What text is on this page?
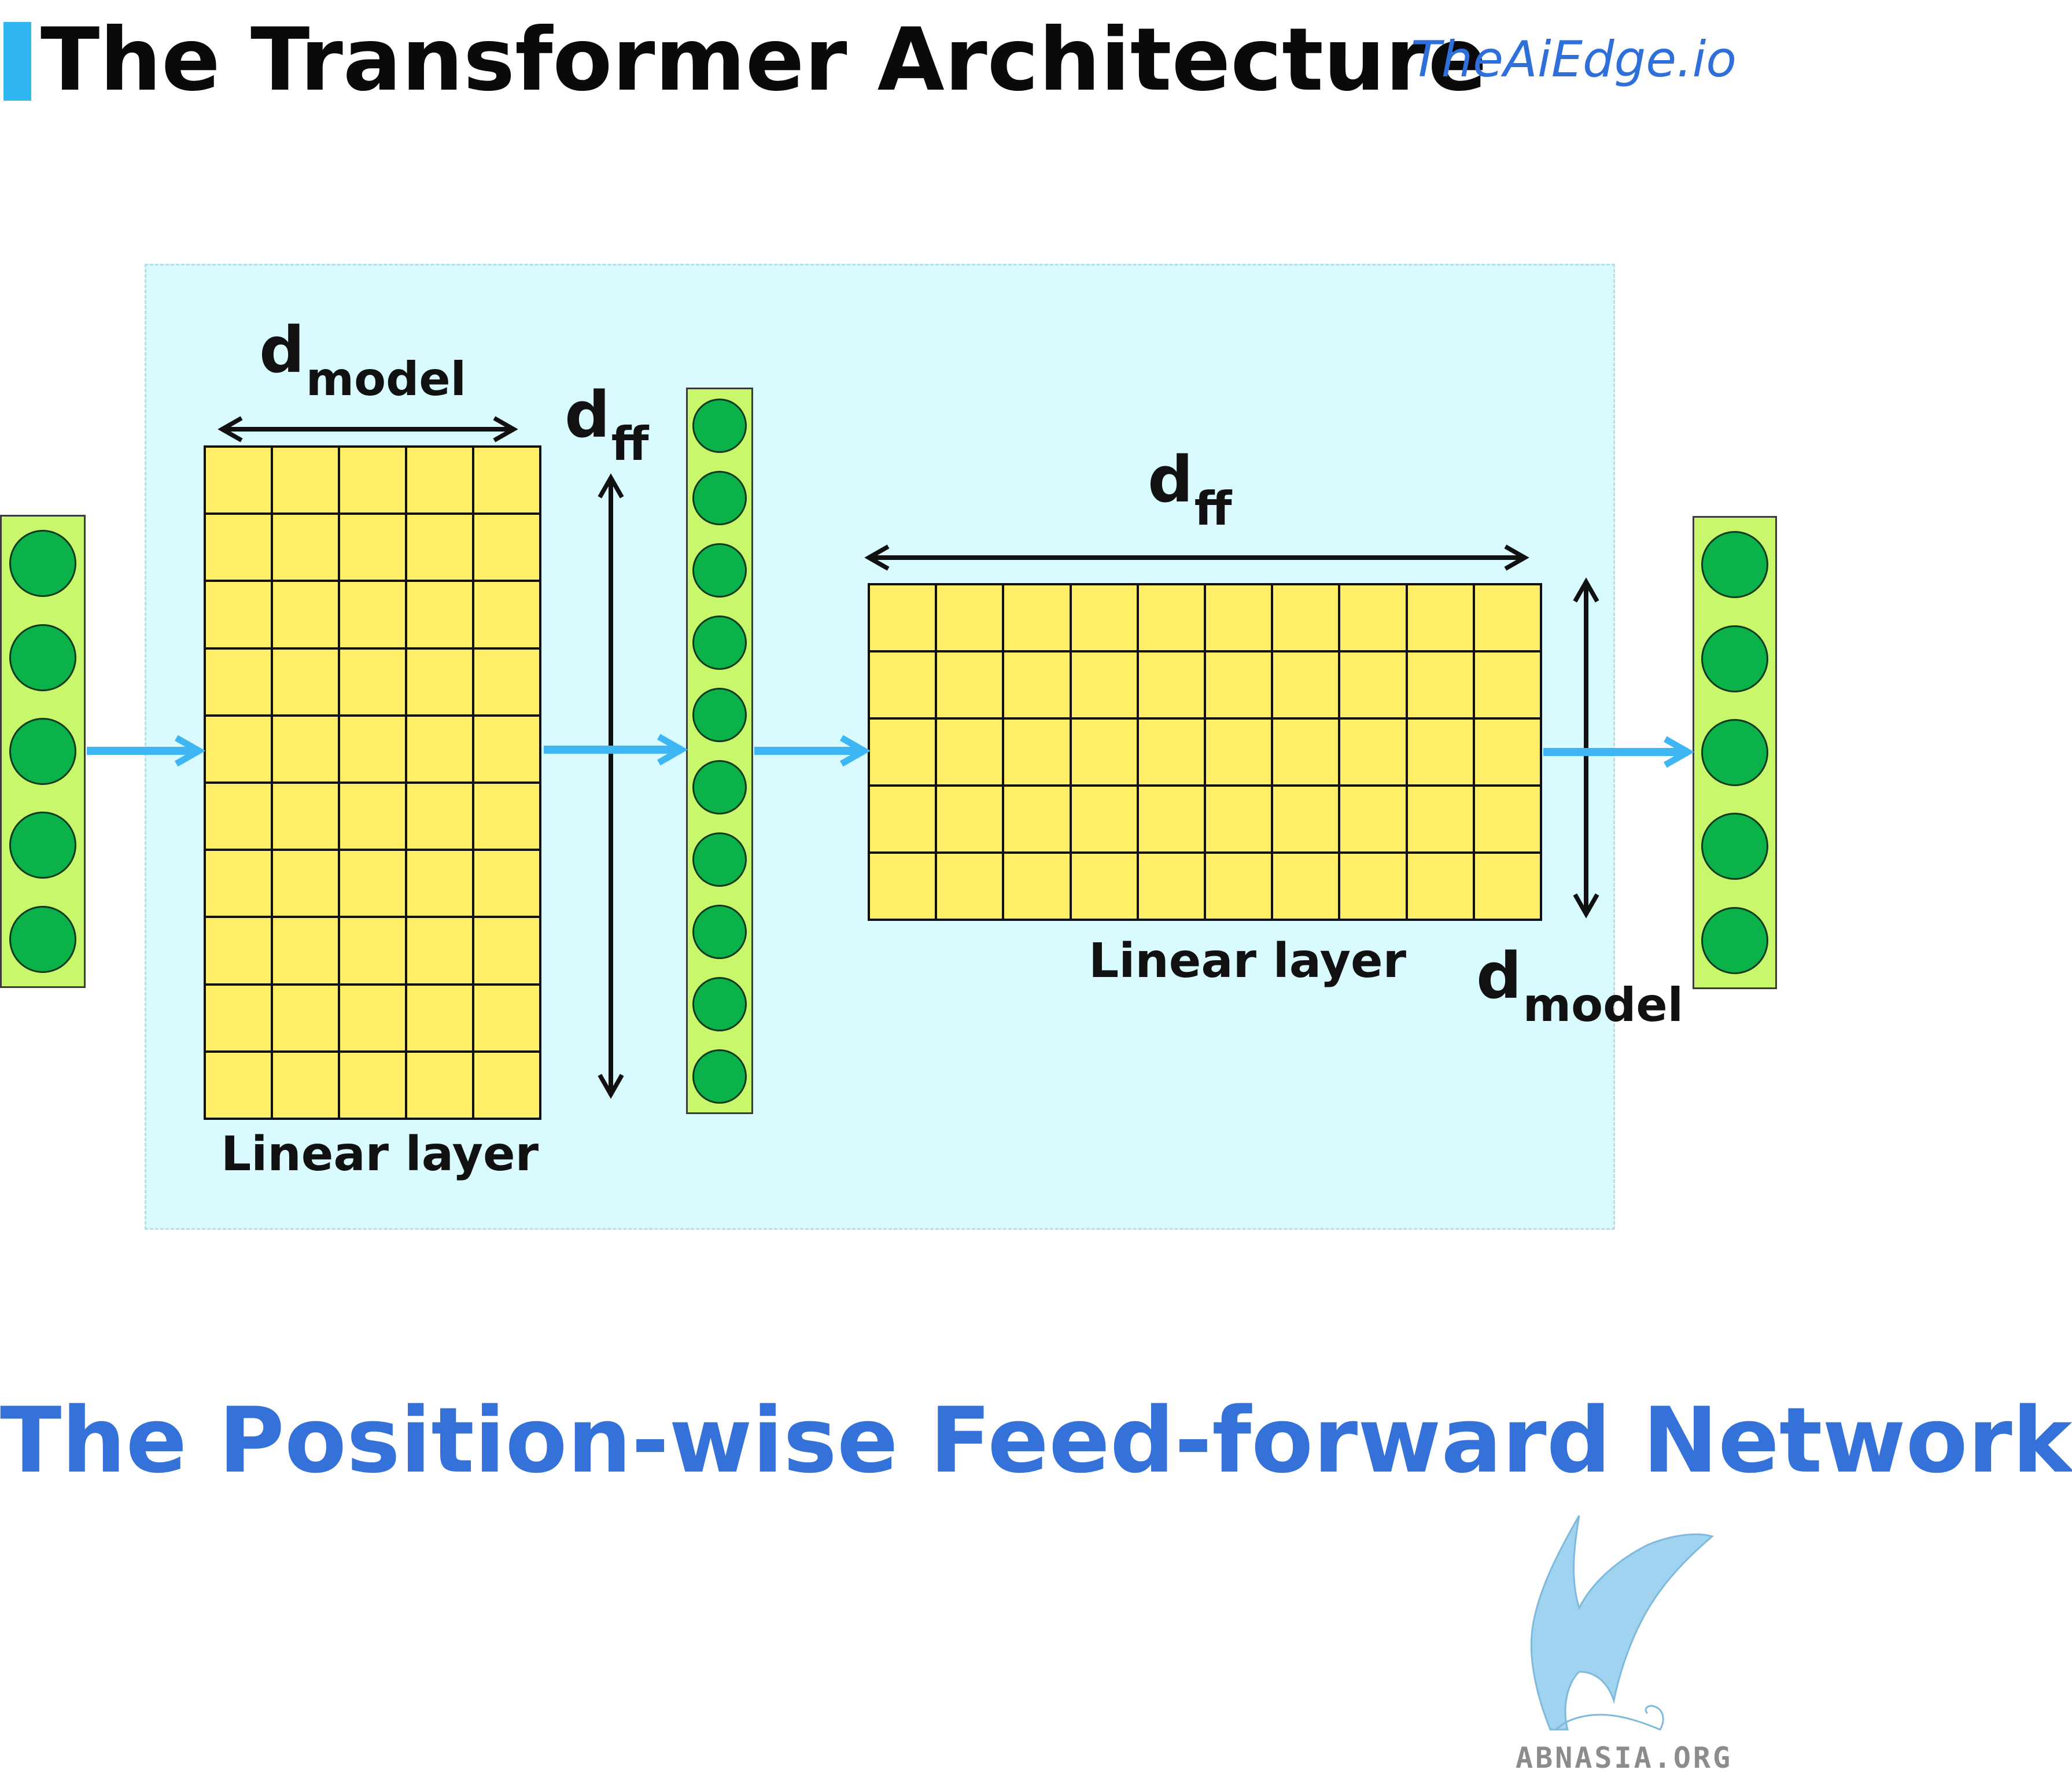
The Transformer Architecture
TheAiEdge.io
$d_{model}$ $d_{ff}$	$d_{ff}$
$d_{model}$
Linear layer
Linear layer
The Position-wise Feed-forward Network
ABNASIA.ORG
